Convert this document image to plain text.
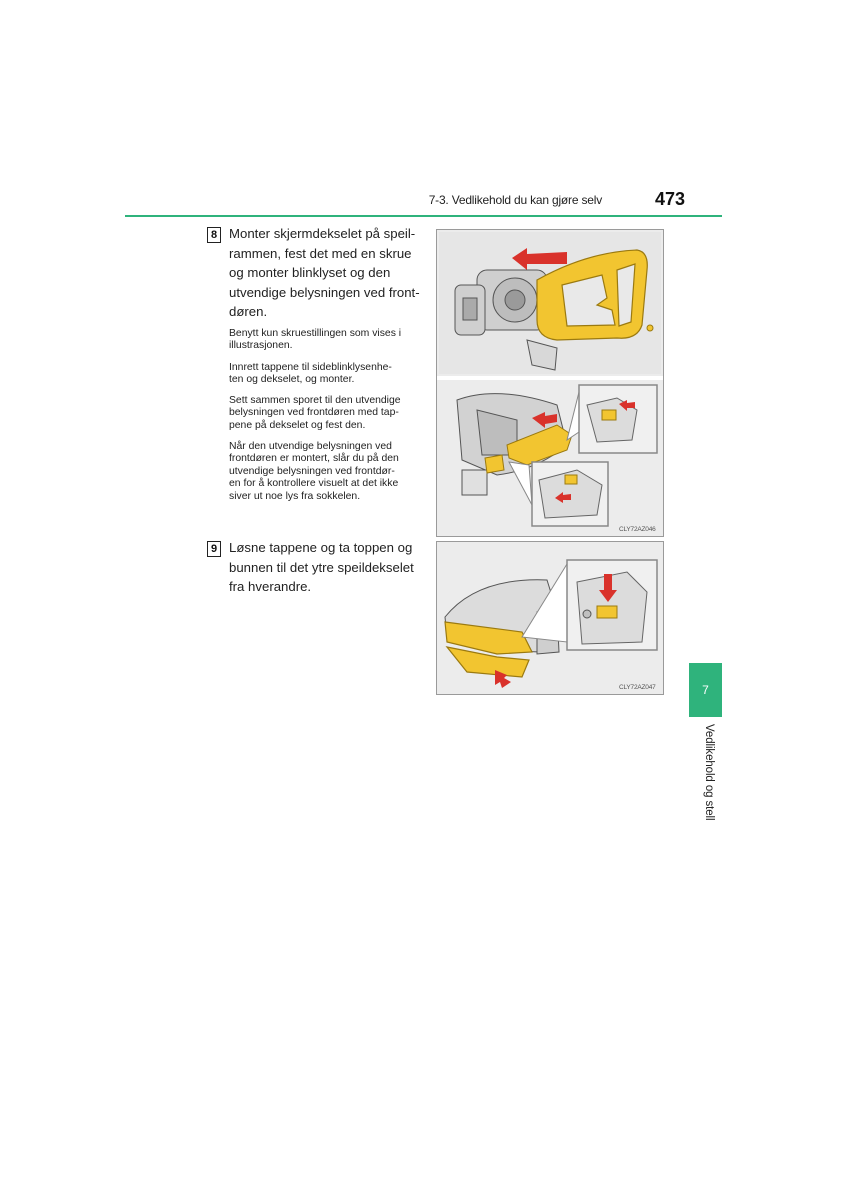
7-3. Vedlikehold du kan gjøre selv	473
8 Monter skjermdekselet på speil-
rammen, fest det med en skrue
og monter blinklyset og den
utvendige belysningen ved front-
døren.
Benytt kun skruestillingen som vises i
illustrasjonen.
Innrett tappene til sideblinklysenhe-
ten og dekselet, og monter.
Sett sammen sporet til den utvendige
belysningen ved frontdøren med tap-
pene på dekselet og fest den.
Når den utvendige belysningen ved
frontdøren er montert, slår du på den
utvendige belysningen ved frontdør-
en for å kontrollere visuelt at det ikke
siver ut noe lys fra sokkelen.
9 Løsne tappene og ta toppen og
bunnen til det ytre speildekselet
fra hverandre.
CLY72AZ046
CLY72AZ047	7
Vedlikehold og stell
